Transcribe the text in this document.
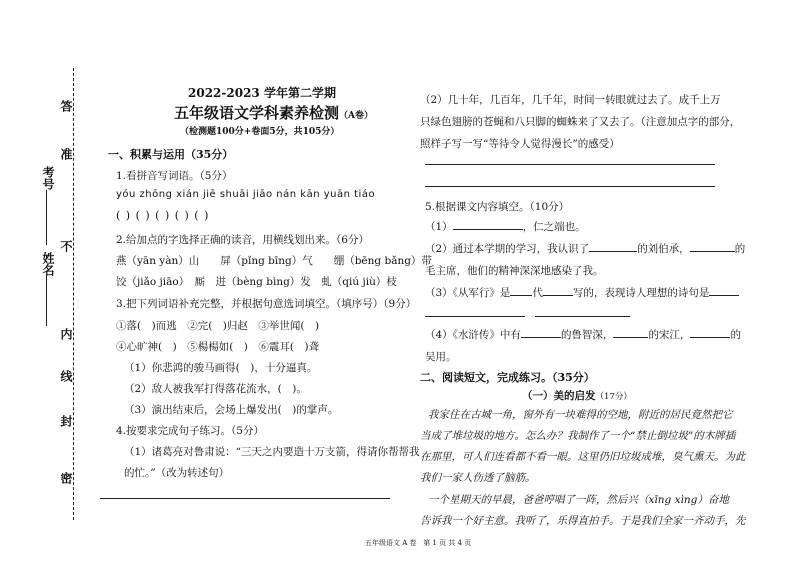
答
准
不
内
线
封
密
考号
姓名
2022-2023 学年第二学期
五年级语文学科素养检测（A卷）
（检测题100分+卷面5分，共105分）
一、积累与运用（35分）
1.看拼音写词语。（5分）
yóu zhōng xián jiē shuāi jiāo nán kān yuān tiáo
( ) ( ) ( ) ( ) ( )
2.给加点的字选择正确的读音，用横线划出来。（6分）
燕（yān yàn）山　　屏（pǐng bīng）气　　绷（bēng bǎng）带
饺（jiǎo jiāo）　厮　进（bèng bìng）发　虬（qiú jiù）枝
3.把下列词语补充完整，并根据句意选词填空。（填序号）（9分）
①落(　)而逃　②完(　)归赵　③举世闻(　)
④心旷神(　)　⑤楊楊如(　)　⑥震耳(　)聋
（1）你悲鸿的骏马画得(　)，十分逼真。
（2）敌人被我军打得落花流水，(　)。
（3）演出结束后，会场上爆发出(　)的掌声。
4.按要求完成句子练习。（5分）
（1）诸葛亮对鲁肃说：“三天之内要造十万支箭，得请你帮帮我
的忙。”（改为转述句）
（2）几十年，几百年，几千年，时间一转眼就过去了。成千上万
只绿色翅膀的苍蝇和八只脚的蜘蛛来了又去了。（注意加点字的部分，
照样子写一写“等待令人觉得漫长”的感受）
5.根据课文内容填空。（10分）
（1）	，仁之端也。
（2）通过本学期的学习，我认识了	的刘伯承，	的
毛主席，他们的精神深深地感染了我。
（3）《从军行》是 代	写的，表现诗人理想的诗句是
（4）《水浒传》中有	的鲁智深，	的宋江，	的
吴用。
二、阅读短文，完成练习。（35分）
（一）美的启发（17分）
我家住在古城一角，窗外有一块难得的空地，附近的居民竟然把它
当成了堆垃圾的地方。怎么办？我制作了一个“禁止倒垃圾”的木牌插
在那里，可人们连看都不看一眼。这里仍旧垃圾成堆，臭气熏天。为此
我们一家人伤透了脑筋。
一个星期天的早晨，爸爸哼唱了一阵，然后兴（xīng xìng）奋地
告诉我一个好主意。我听了，乐得直拍手。于是我们全家一齐动手，先
五年级语文 A 卷 第 1 页 共 4 页
